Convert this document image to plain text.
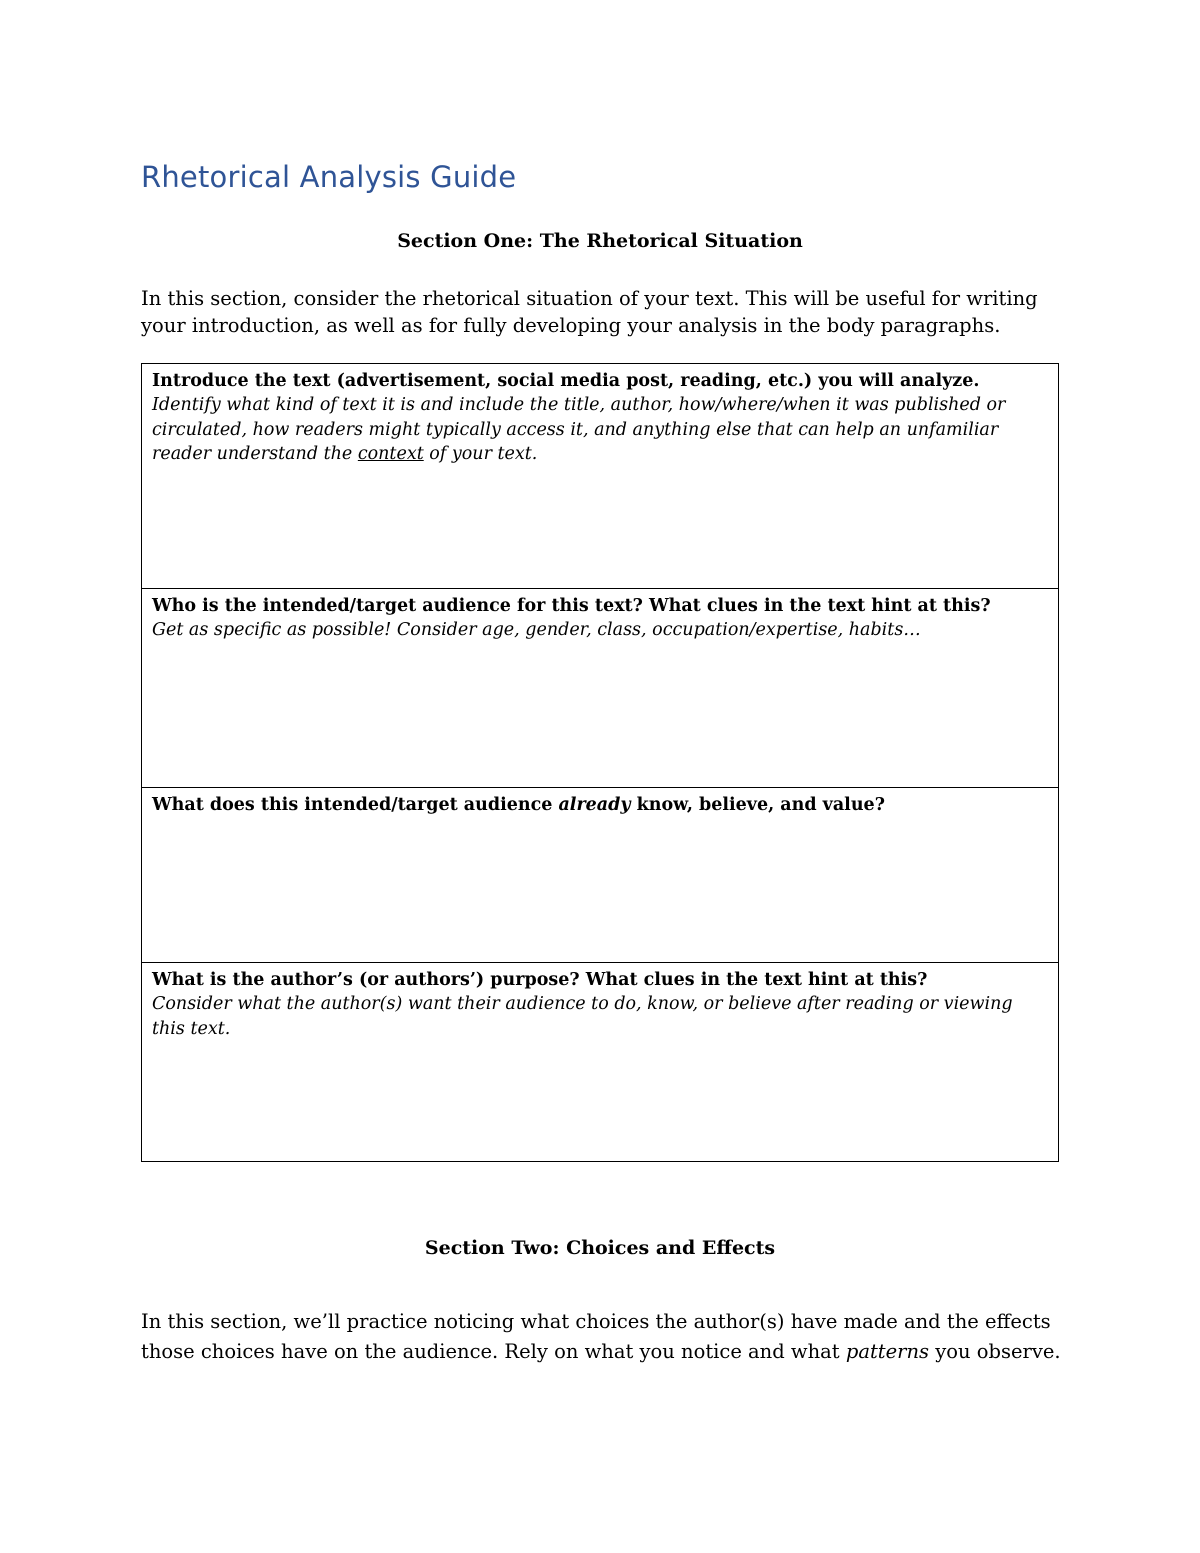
Rhetorical Analysis Guide
Section One: The Rhetorical Situation

In this section, consider the rhetorical situation of your text. This will be useful for writing your introduction, as well as for fully developing your analysis in the body paragraphs.

Introduce the text (advertisement, social media post, reading, etc.) you will analyze.

Identify what kind of text it is and include the title, author, how/where/when it was published or circulated, how readers might typically access it, and anything else that can help an unfamiliar reader understand the context of your text.

Who is the intended/target audience for this text? What clues in the text hint at this?

Get as specific as possible! Consider age, gender, class, occupation/expertise, habits…

What does this intended/target audience already know, believe, and value?

What is the author’s (or authors’) purpose? What clues in the text hint at this?

Consider what the author(s) want their audience to do, know, or believe after reading or viewing this text.

Section Two: Choices and Effects

In this section, we’ll practice noticing what choices the author(s) have made and the effects those choices have on the audience. Rely on what you notice and what patterns you observe.
